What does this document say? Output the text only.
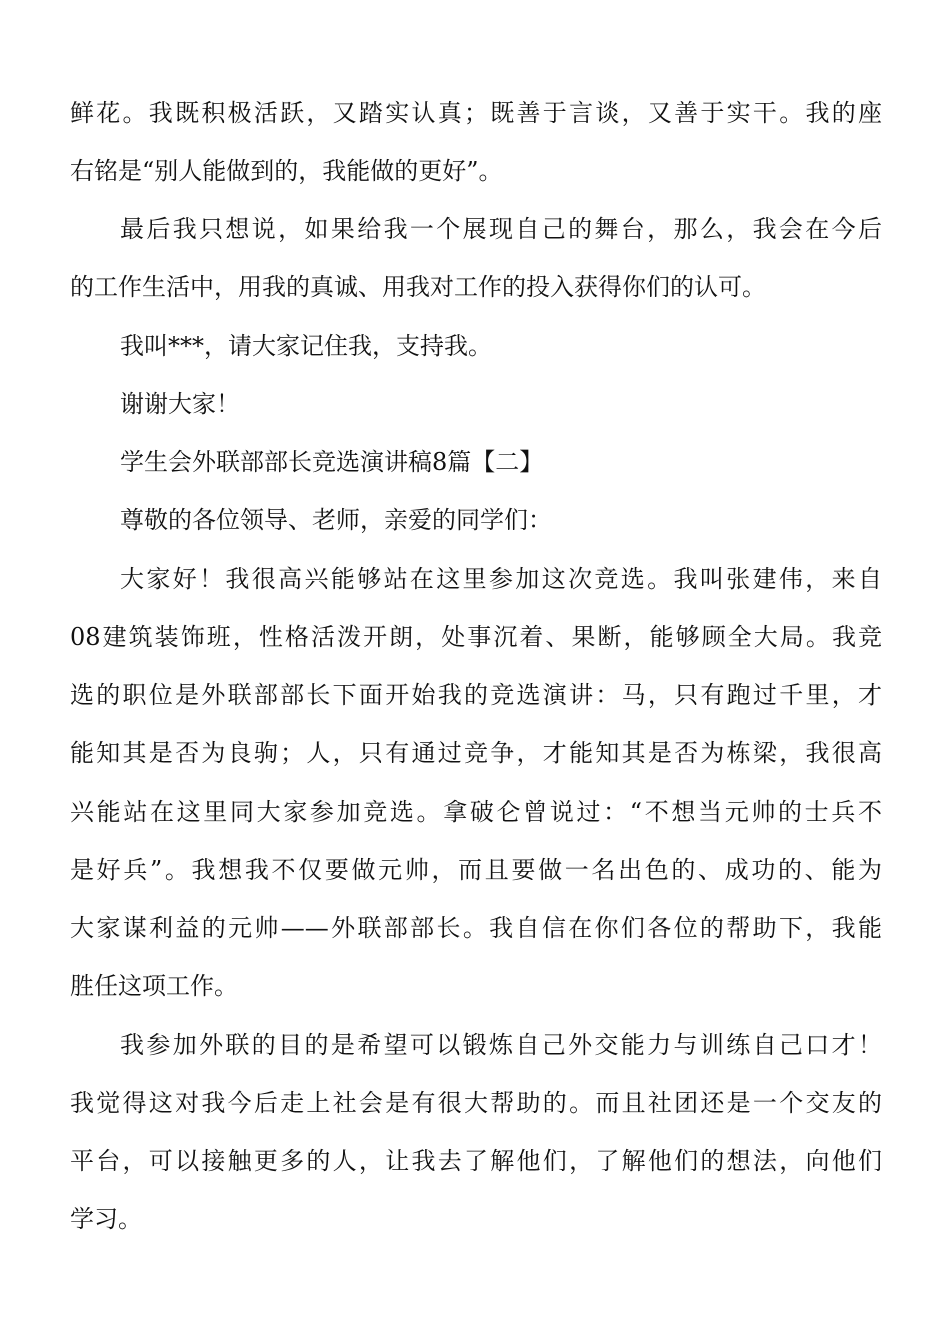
鲜花。我既积极活跃，又踏实认真；既善于言谈，又善于实干。我的座
右铭是“别人能做到的，我能做的更好”。
最后我只想说，如果给我一个展现自己的舞台，那么，我会在今后
的工作生活中，用我的真诚、用我对工作的投入获得你们的认可。
我叫***，请大家记住我，支持我。
谢谢大家！
学生会外联部部长竞选演讲稿8篇【二】
尊敬的各位领导、老师，亲爱的同学们：
大家好！我很高兴能够站在这里参加这次竞选。我叫张建伟，来自
08建筑装饰班，性格活泼开朗，处事沉着、果断，能够顾全大局。我竞
选的职位是外联部部长下面开始我的竞选演讲：马，只有跑过千里，才
能知其是否为良驹；人，只有通过竞争，才能知其是否为栋梁，我很高
兴能站在这里同大家参加竞选。拿破仑曾说过：“不想当元帅的士兵不
是好兵”。我想我不仅要做元帅，而且要做一名出色的、成功的、能为
大家谋利益的元帅——外联部部长。我自信在你们各位的帮助下，我能
胜任这项工作。
我参加外联的目的是希望可以锻炼自己外交能力与训练自己口才！
我觉得这对我今后走上社会是有很大帮助的。而且社团还是一个交友的
平台，可以接触更多的人，让我去了解他们，了解他们的想法，向他们
学习。
